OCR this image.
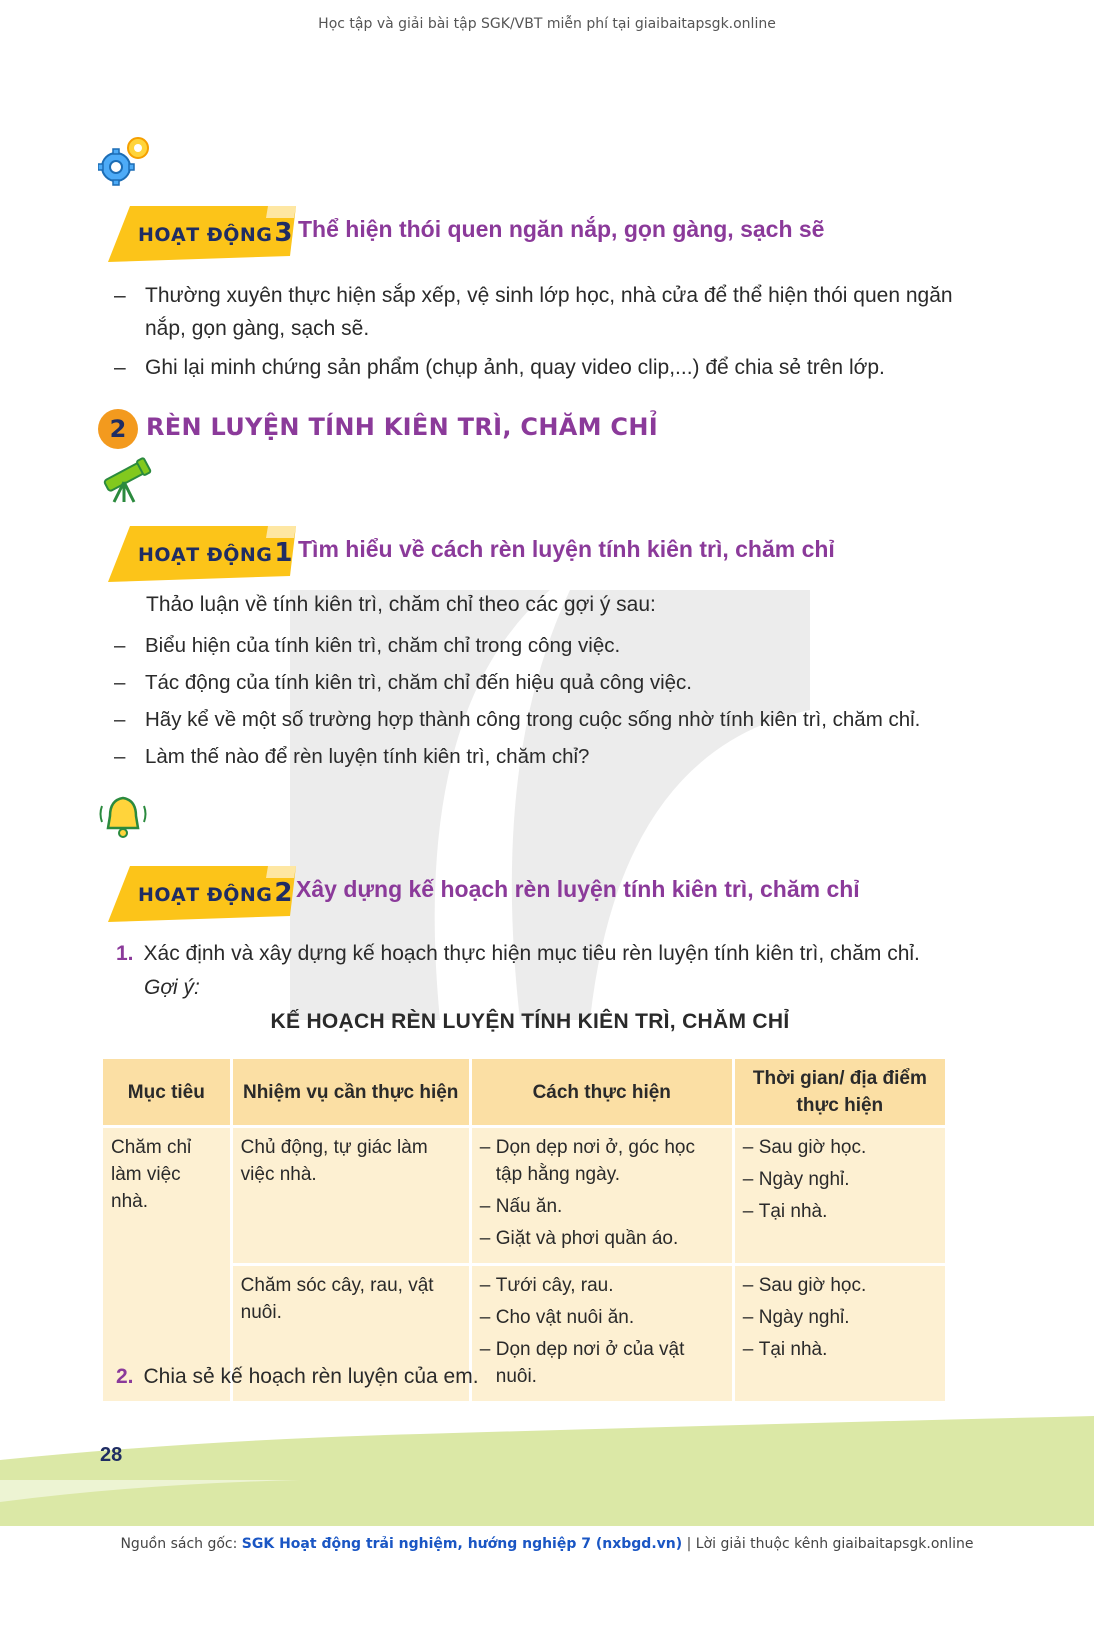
Học tập và giải bài tập SGK/VBT miễn phí tại giaibaitapsgk.online
HOẠT ĐỘNG3 Thể hiện thói quen ngăn nắp, gọn gàng, sạch sẽ
– Thường xuyên thực hiện sắp xếp, vệ sinh lớp học, nhà cửa để thể hiện thói quen ngăn nắp, gọn gàng, sạch sẽ.
– Ghi lại minh chứng sản phẩm (chụp ảnh, quay video clip,...) để chia sẻ trên lớp.
2 RÈN LUYỆN TÍNH KIÊN TRÌ, CHĂM CHỈ
HOẠT ĐỘNG1 Tìm hiểu về cách rèn luyện tính kiên trì, chăm chỉ
Thảo luận về tính kiên trì, chăm chỉ theo các gợi ý sau:
– Biểu hiện của tính kiên trì, chăm chỉ trong công việc.
– Tác động của tính kiên trì, chăm chỉ đến hiệu quả công việc.
– Hãy kể về một số trường hợp thành công trong cuộc sống nhờ tính kiên trì, chăm chỉ.
– Làm thế nào để rèn luyện tính kiên trì, chăm chỉ?
HOẠT ĐỘNG2 Xây dựng kế hoạch rèn luyện tính kiên trì, chăm chỉ
1. Xác định và xây dựng kế hoạch thực hiện mục tiêu rèn luyện tính kiên trì, chăm chỉ.
Gợi ý:
KẾ HOẠCH RÈN LUYỆN TÍNH KIÊN TRÌ, CHĂM CHỈ
Mục tiêu	Nhiệm vụ cần thực hiện	Cách thực hiện	Thời gian/ địa điểm thực hiện
Chăm chỉ làm việc nhà.	Chủ động, tự giác làm việc nhà.	– Dọn dẹp nơi ở, góc học tập hằng ngày.
– Nấu ăn.
– Giặt và phơi quần áo.	– Sau giờ học.
– Ngày nghỉ.
– Tại nhà.

	Chăm sóc cây, rau, vật nuôi.	– Tưới cây, rau.
– Cho vật nuôi ăn.
– Dọn dẹp nơi ở của vật nuôi.	– Sau giờ học.
– Ngày nghỉ.
– Tại nhà.
2. Chia sẻ kế hoạch rèn luyện của em.
28
Nguồn sách gốc: SGK Hoạt động trải nghiệm, hướng nghiệp 7 (nxbgd.vn) | Lời giải thuộc kênh giaibaitapsgk.online
